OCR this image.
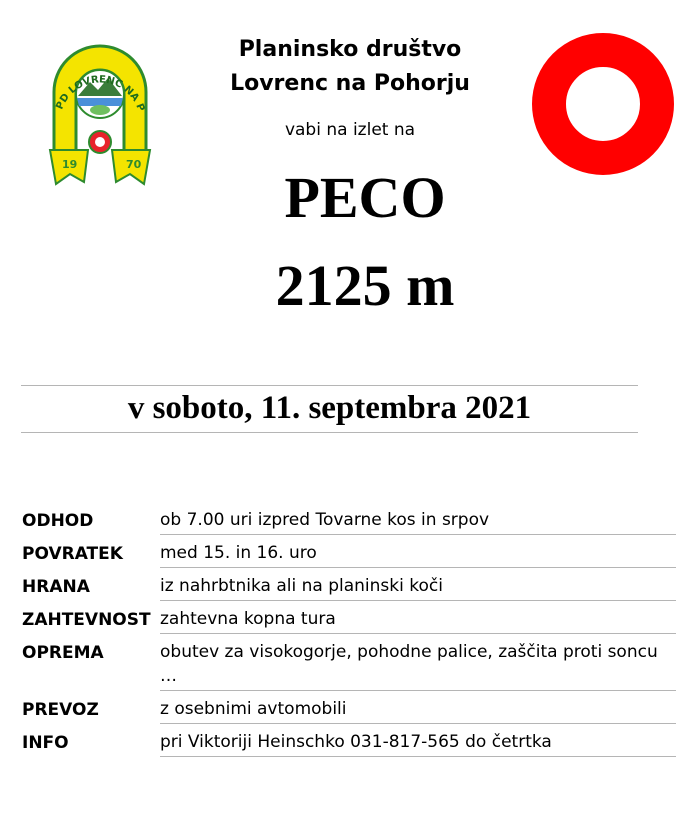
PD LOVRENC NA P
19	70
Planinsko društvo
Lovrenc na Pohorju
vabi na izlet na
PECO
2125 m
v soboto, 11. septembra 2021
ODHOD	ob 7.00 uri izpred Tovarne kos in srpov
POVRATEK	med 15. in 16. uro
HRANA	iz nahrbtnika ali na planinski koči
ZAHTEVNOST zahtevna kopna tura
OPREMA	obutev za visokogorje, pohodne palice, zaščita proti soncu …
PREVOZ	z osebnimi avtomobili
INFO	pri Viktoriji Heinschko 031-817-565 do četrtka
